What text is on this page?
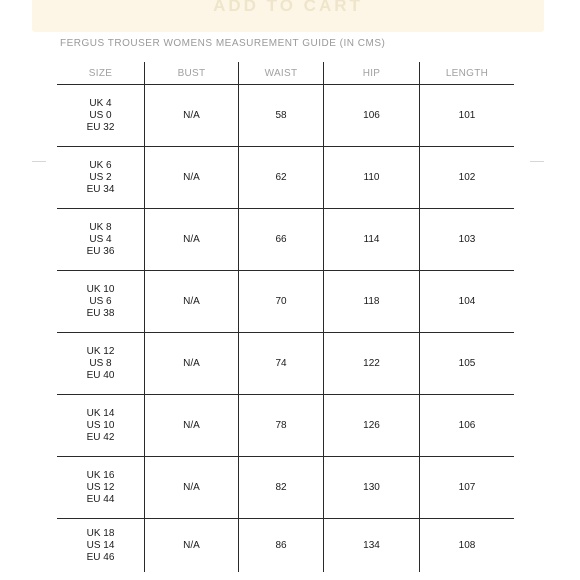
ADD TO CART
FERGUS TROUSER WOMENS MEASUREMENT GUIDE (IN CMS)
SIZE	BUST	WAIST	HIP	LENGTH
UK 4
US 0
EU 32
N/A	58	106	101
UK 6
US 2
EU 34
N/A	62	110	102
UK 8
US 4
EU 36
N/A	66	114	103
UK 10
US 6
EU 38
N/A	70	118	104
UK 12
US 8
EU 40
N/A	74	122	105
UK 14
US 10
EU 42
N/A	78	126	106
UK 16
US 12
EU 44
N/A	82	130	107
UK 18
US 14
EU 46
N/A	86	134	108
